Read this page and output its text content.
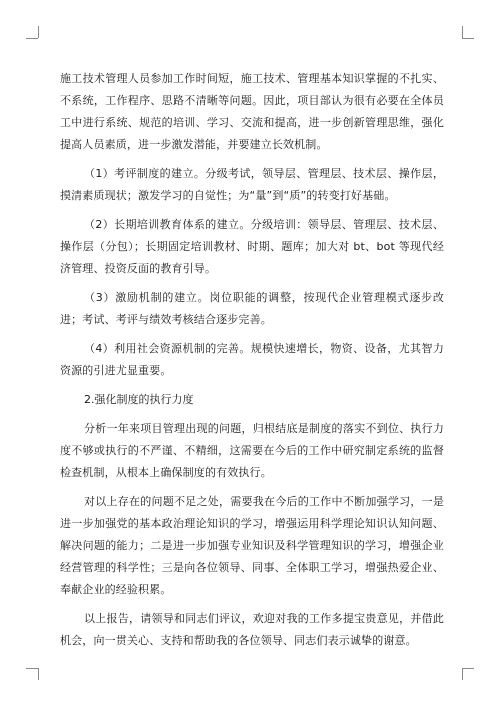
施工技术管理人员参加工作时间短，施工技术、管理基本知识掌握的不扎实、不系统，工作程序、思路不清晰等问题。因此，项目部认为很有必要在全体员工中进行系统、规范的培训、学习、交流和提高，进一步创新管理思维，强化提高人员素质，进一步激发潜能，并要建立长效机制。

（1）考评制度的建立。分级考试，领导层、管理层、技术层、操作层，摸清素质现状；激发学习的自觉性；为“量”到“质”的转变打好基础。

（2）长期培训教育体系的建立。分级培训：领导层、管理层、技术层、操作层（分包）；长期固定培训教材、时期、题库；加大对 bt、bot 等现代经济管理、投资反面的教育引导。

（3）激励机制的建立。岗位职能的调整，按现代企业管理模式逐步改进；考试、考评与绩效考核结合逐步完善。

（4）利用社会资源机制的完善。规模快速增长，物资、设备，尤其智力资源的引进尤显重要。

2.强化制度的执行力度

分析一年来项目管理出现的问题，归根结底是制度的落实不到位、执行力度不够或执行的不严谨、不精细，这需要在今后的工作中研究制定系统的监督检查机制，从根本上确保制度的有效执行。

对以上存在的问题不足之处，需要我在今后的工作中不断加强学习，一是进一步加强党的基本政治理论知识的学习，增强运用科学理论知识认知问题、解决问题的能力；二是进一步加强专业知识及科学管理知识的学习，增强企业经营管理的科学性；三是向各位领导、同事、全体职工学习，增强热爱企业、奉献企业的经验积累。

以上报告，请领导和同志们评议，欢迎对我的工作多提宝贵意见，并借此机会，向一贯关心、支持和帮助我的各位领导、同志们表示诚挚的谢意。
